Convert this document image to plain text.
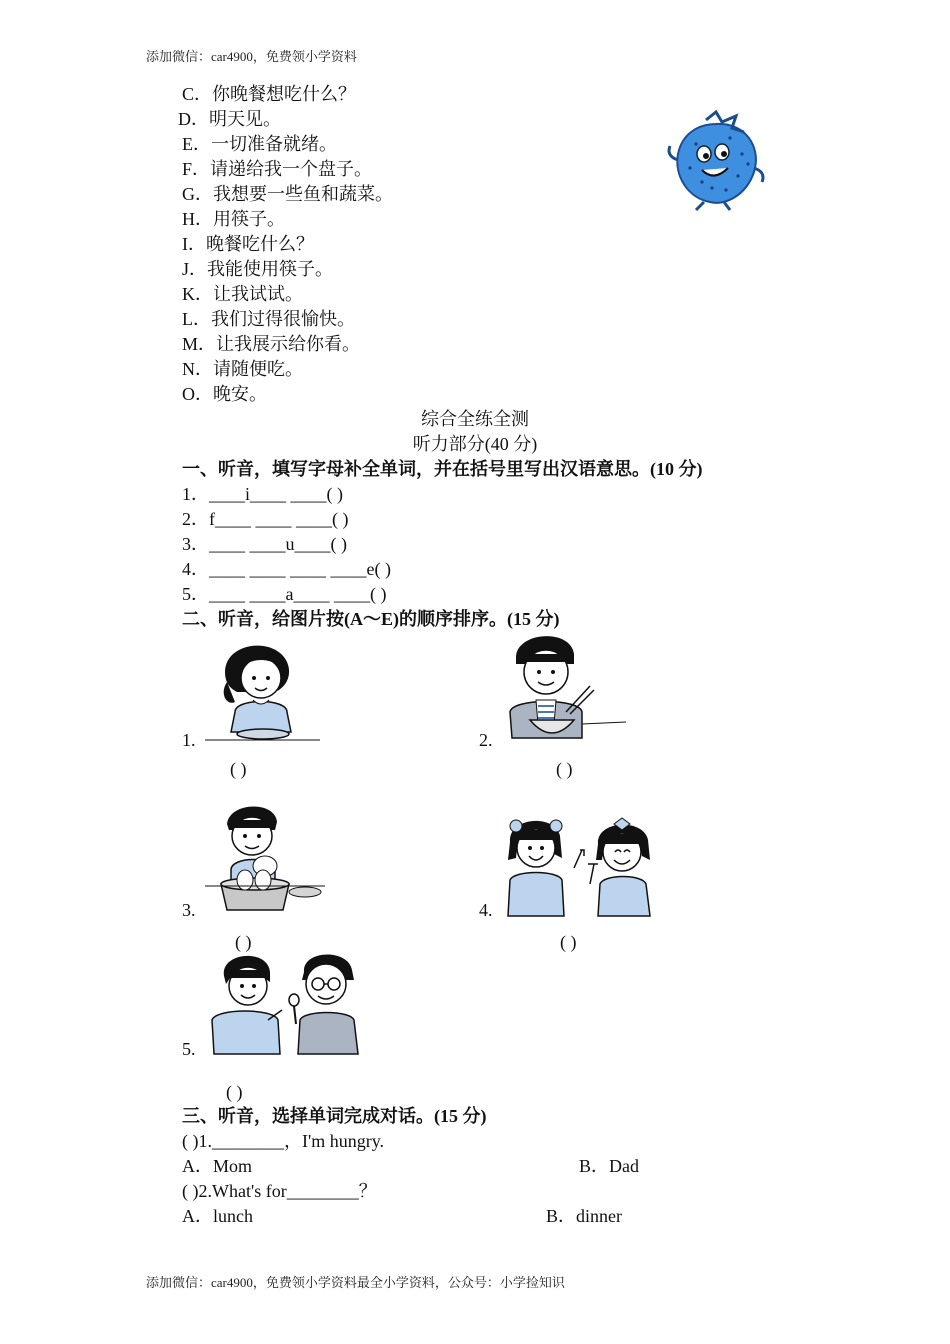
添加微信：car4900，免费领小学资料
C．你晚餐想吃什么？
D．明天见。
E．一切准备就绪。
F．请递给我一个盘子。
G．我想要一些鱼和蔬菜。
H．用筷子。
I．晚餐吃什么？
J．我能使用筷子。
K．让我试试。
L．我们过得很愉快。
M．让我展示给你看。
N．请随便吃。
O．晚安。
综合全练全测
听力部分(40 分)
一、听音，填写字母补全单词，并在括号里写出汉语意思。(10 分)
1．____i____ ____( )
2．f____ ____ ____( )
3．____ ____u____( )
4．____ ____ ____ ____e( )
5．____ ____a____ ____( )
二、听音，给图片按(A～E)的顺序排序。(15 分)
1.
( )
2.
( )
3.
( )
4.
( )
5.
( )
三、听音，选择单词完成对话。(15 分)
( )1.________，I'm hungry.
A．Mom	B．Dad
( )2.What's for________？
A．lunch	B．dinner
添加微信：car4900，免费领小学资料最全小学资料，公众号：小学捡知识
